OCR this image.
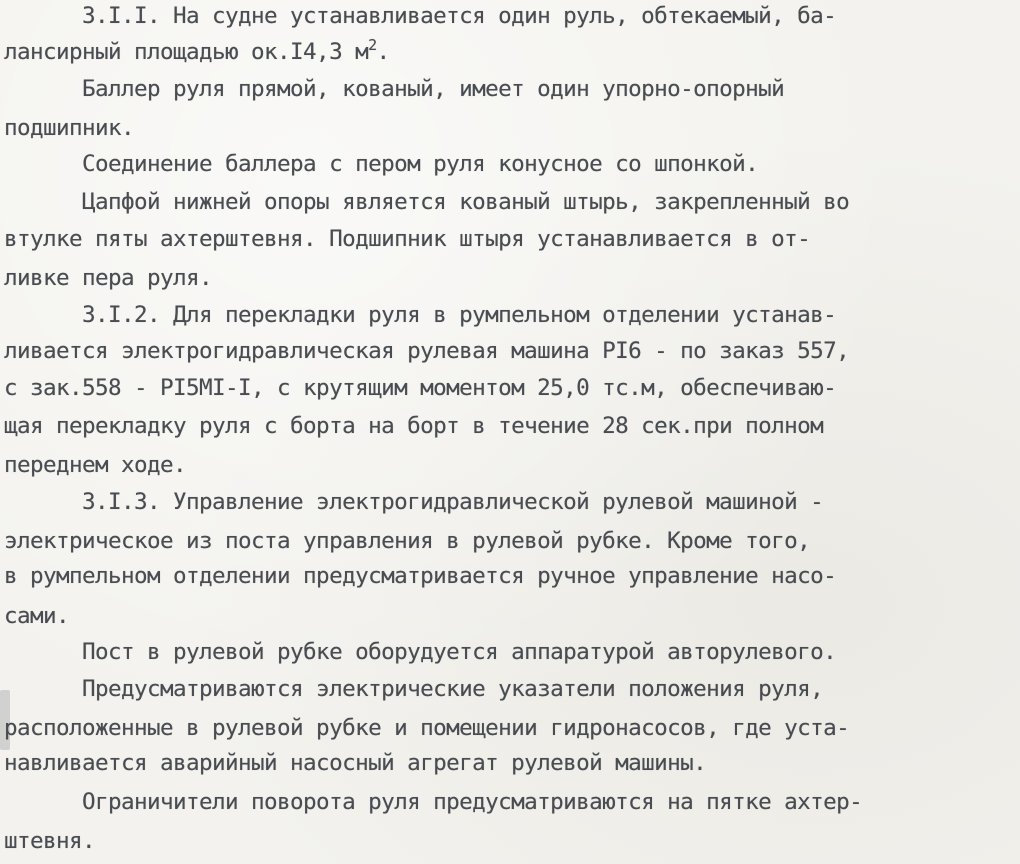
3.I.I. На судне устанавливается один руль, обтекаемый, ба-
лансирный площадью ок.I4,3 $м^2$.
Баллер руля прямой, кованый, имеет один упорно-опорный
подшипник.
Соединение баллера с пером руля конусное со шпонкой.
Цапфой нижней опоры является кованый штырь, закрепленный во
втулке пяты ахтерштевня. Подшипник штыря устанавливается в от-
ливке пера руля.
3.I.2. Для перекладки руля в румпельном отделении устанав-
ливается электрогидравлическая рулевая машина PI6 - по заказ 557,
с зак.558 - PI5MI-I, с крутящим моментом 25,0 тс.м, обеспечиваю-
щая перекладку руля с борта на борт в течение 28 сек.при полном
переднем ходе.
3.I.3. Управление электрогидравлической рулевой машиной -
электрическое из поста управления в рулевой рубке. Кроме того,
в румпельном отделении предусматривается ручное управление насо-
сами.
Пост в рулевой рубке оборудуется аппаратурой авторулевого.
Предусматриваются электрические указатели положения руля,
расположенные в рулевой рубке и помещении гидронасосов, где уста-
навливается аварийный насосный агрегат рулевой машины.
Ограничители поворота руля предусматриваются на пятке ахтер-
штевня.
